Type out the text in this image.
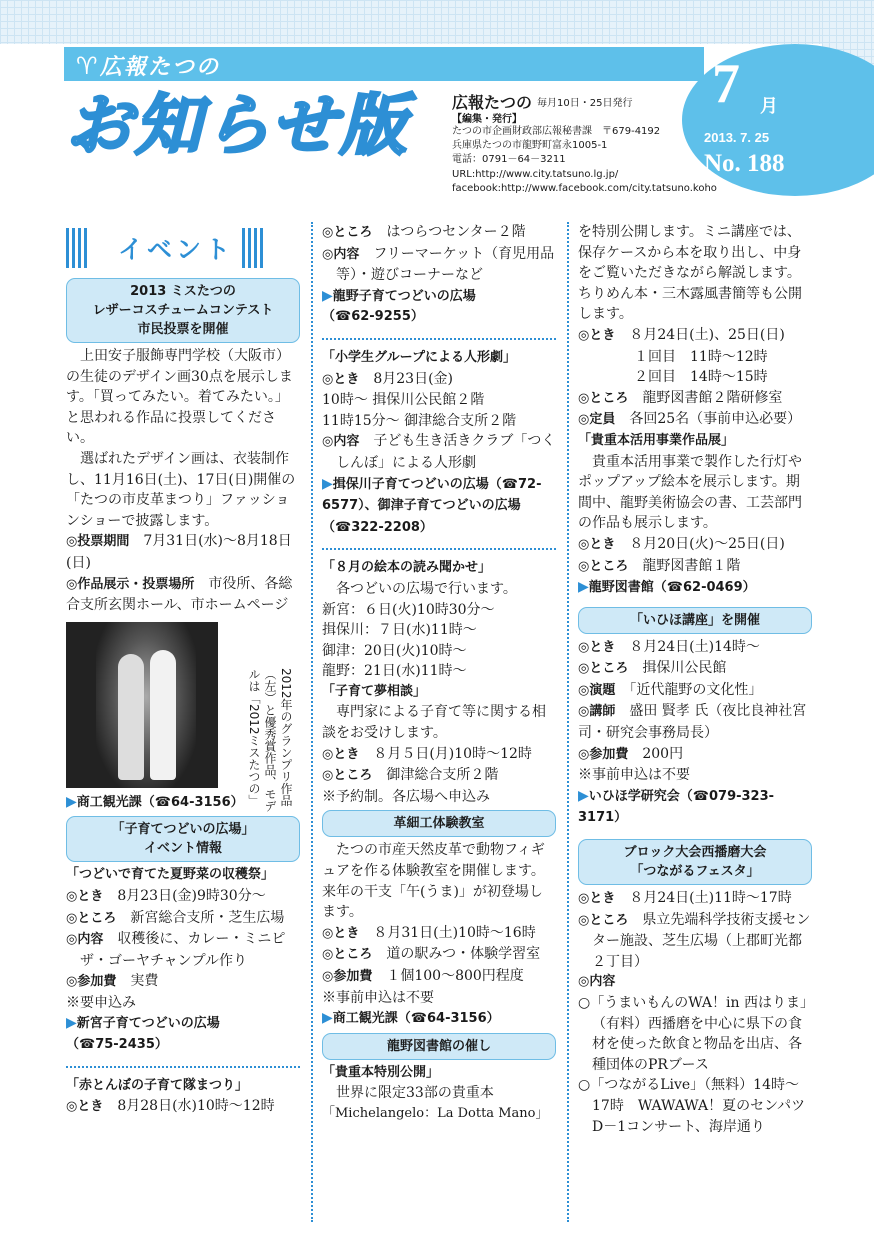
♈ 広報たつの
お知らせ版
7 月
2013. 7. 25
No. 188
広報たつの 毎月10日・25日発行
【編集・発行】
たつの市企画財政部広報秘書課　〒679-4192
兵庫県たつの市龍野町富永1005-1
電話：0791－64－3211
URL:http://www.city.tatsuno.lg.jp/
facebook:http://www.facebook.com/city.tatsuno.koho
イベント
2013 ミスたつの
レザーコスチュームコンテスト
市民投票を開催

上田安子服飾専門学校（大阪市）の生徒のデザイン画30点を展示します。「買ってみたい。着てみたい。」と思われる作品に投票してください。

選ばれたデザイン画は、衣装制作し、11月16日(土)、17日(日)開催の「たつの市皮革まつり」ファッションショーで披露します。

◎投票期間　 7月31日(水)～8月18日(日)

◎作品展示・投票場所　 市役所、各総合支所玄関ホール、市ホームページ

▶商工観光課（☎64-3156）

「子育てつどいの広場」
イベント情報

「つどいで育てた夏野菜の収穫祭」

◎とき　 8月23日(金)9時30分～

◎ところ　 新宮総合支所・芝生広場

◎内容　 収穫後に、カレー・ミニピザ・ゴーヤチャンプル作り

◎参加費　 実費

※要申込み

▶新宮子育てつどいの広場

（☎75-2435）

「赤とんぼの子育て隊まつり」

◎とき　 8月28日(水)10時～12時

2012年のグランプリ作品（左）と優秀賞作品、モデルは「2012ミスたつの」

◎ところ　 はつらつセンター２階

◎内容　 フリーマーケット（育児用品等）・遊びコーナーなど

▶龍野子育てつどいの広場

（☎62-9255）

「小学生グループによる人形劇」

◎とき　 8月23日(金)

10時～ 揖保川公民館２階

11時15分～ 御津総合支所２階

◎内容　 子ども生き活きクラブ「つくしんぼ」による人形劇

▶揖保川子育てつどいの広場（☎72-6577）、御津子育てつどいの広場（☎322-2208）

「８月の絵本の読み聞かせ」

各つどいの広場で行います。

新宮：６日(火)10時30分～

揖保川：７日(水)11時～

御津：20日(火)10時～

龍野：21日(水)11時～

「子育て夢相談」

専門家による子育て等に関する相談をお受けします。

◎とき　 ８月５日(月)10時～12時

◎ところ　 御津総合支所２階

※予約制。各広場へ申込み

革細工体験教室

たつの市産天然皮革で動物フィギュアを作る体験教室を開催します。来年の干支「午(うま)」が初登場します。

◎とき　 ８月31日(土)10時～16時

◎ところ　 道の駅みつ・体験学習室

◎参加費　 １個100～800円程度

※事前申込は不要

▶商工観光課（☎64-3156）

龍野図書館の催し

「貴重本特別公開」

世界に限定33部の貴重本

「Michelangelo：La Dotta Mano」

を特別公開します。ミニ講座では、保存ケースから本を取り出し、中身をご覧いただきながら解説します。ちりめん本・三木露風書簡等も公開します。

◎とき　 ８月24日(土)、25日(日)

１回目　11時～12時

２回目　14時～15時

◎ところ　 龍野図書館２階研修室

◎定員　 各回25名（事前申込必要）

「貴重本活用事業作品展」

貴重本活用事業で製作した行灯やポップアップ絵本を展示します。期間中、龍野美術協会の書、工芸部門の作品も展示します。

◎とき　 ８月20日(火)～25日(日)

◎ところ　 龍野図書館１階

▶龍野図書館（☎62-0469）

「いひほ講座」を開催

◎とき　 ８月24日(土)14時～

◎ところ　 揖保川公民館

◎演題　 「近代龍野の文化性」

◎講師　 盛田 賢孝 氏（夜比良神社宮司・研究会事務局長）

◎参加費　 200円

※事前申込は不要

▶いひほ学研究会（☎079-323-3171）

ブロック大会西播磨大会
「つながるフェスタ」

◎とき　 ８月24日(土)11時～17時

◎ところ　 県立先端科学技術支援センター施設、芝生広場（上郡町光都２丁目）

◎内容

○「うまいもんのWA！in 西はりま」（有料）西播磨を中心に県下の食材を使った飲食と物品を出店、各種団体のPRブース

○「つながるLive」（無料）14時～17時　WAWAWA！夏のセンパツD－1コンサート、海岸通り
